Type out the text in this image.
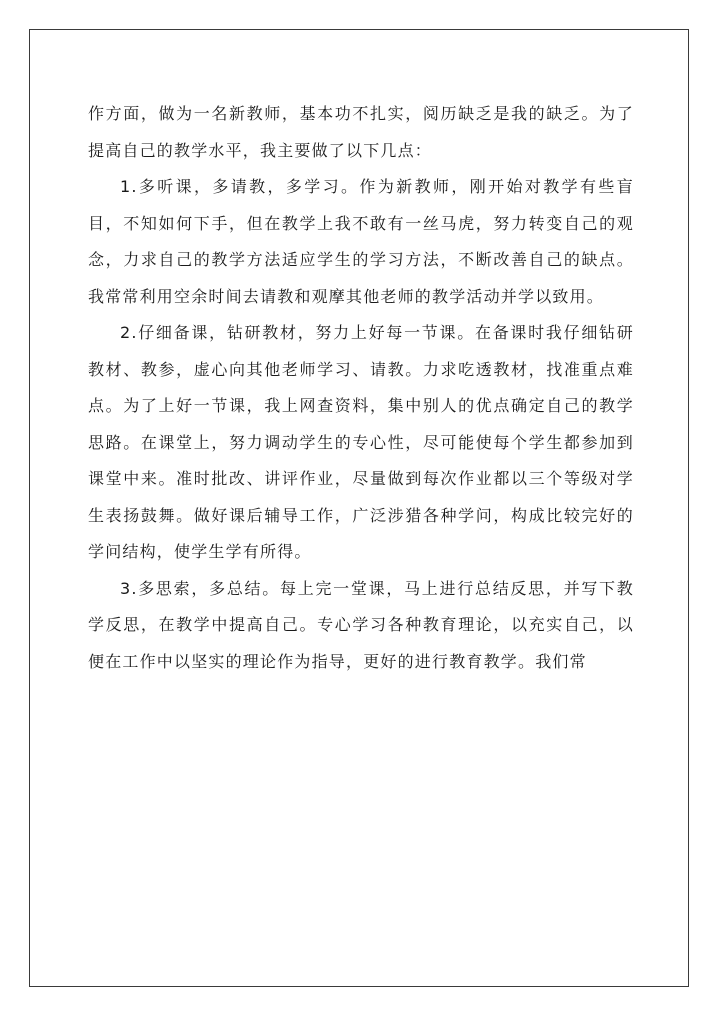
作方面，做为一名新教师，基本功不扎实，阅历缺乏是我的缺乏。为了提高自己的教学水平，我主要做了以下几点：

1.多听课，多请教，多学习。作为新教师，刚开始对教学有些盲目，不知如何下手，但在教学上我不敢有一丝马虎，努力转变自己的观念，力求自己的教学方法适应学生的学习方法，不断改善自己的缺点。我常常利用空余时间去请教和观摩其他老师的教学活动并学以致用。

2.仔细备课，钻研教材，努力上好每一节课。在备课时我仔细钻研教材、教参，虚心向其他老师学习、请教。力求吃透教材，找准重点难点。为了上好一节课，我上网查资料，集中别人的优点确定自己的教学思路。在课堂上，努力调动学生的专心性，尽可能使每个学生都参加到课堂中来。准时批改、讲评作业，尽量做到每次作业都以三个等级对学生表扬鼓舞。做好课后辅导工作，广泛涉猎各种学问，构成比较完好的学问结构，使学生学有所得。

3.多思索，多总结。每上完一堂课，马上进行总结反思，并写下教学反思，在教学中提高自己。专心学习各种教育理论，以充实自己，以便在工作中以坚实的理论作为指导，更好的进行教育教学。我们常
